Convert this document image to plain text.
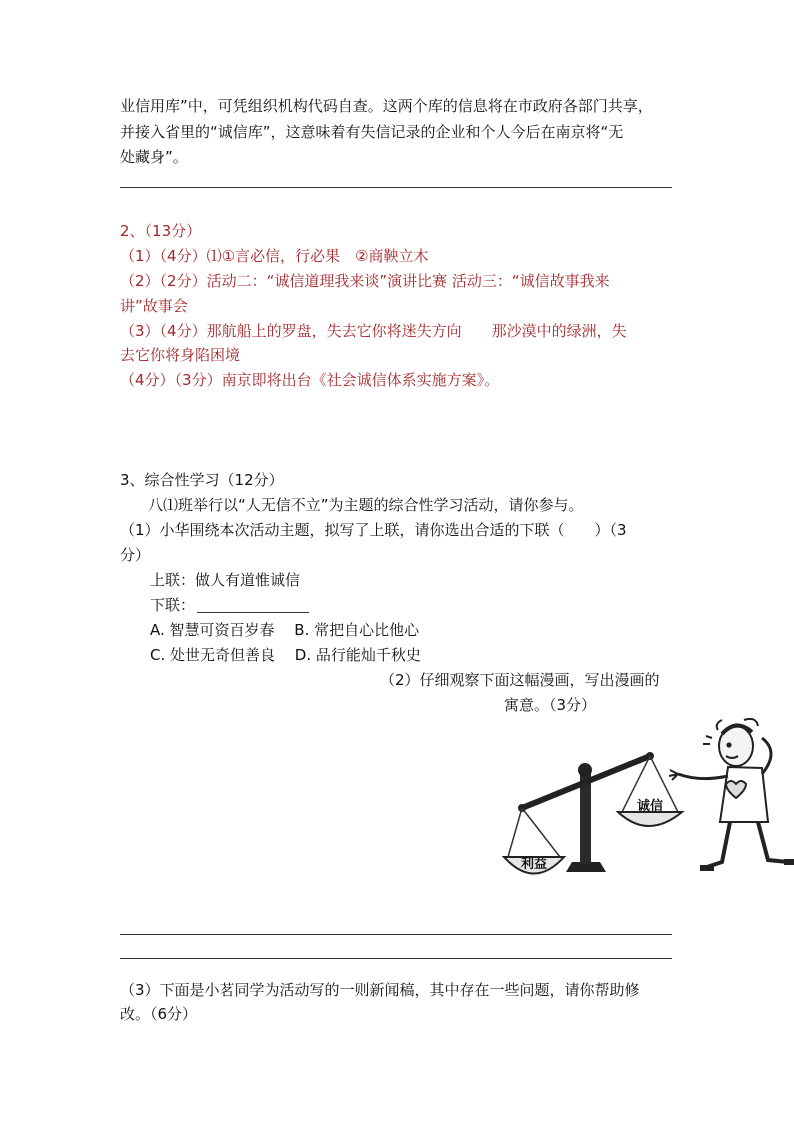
业信用库”中，可凭组织机构代码自查。这两个库的信息将在市政府各部门共享，
并接入省里的“诚信库”，这意味着有失信记录的企业和个人今后在南京将“无
处藏身”。
2、（13分）
（1）（4分）⑴①言必信，行必果　②商鞅立木
（2）（2分）活动二：“诚信道理我来谈”演讲比赛 活动三：“诚信故事我来
讲”故事会
（3）（4分）那航船上的罗盘，失去它你将迷失方向　　那沙漠中的绿洲，失
去它你将身陷困境
（4分）（3分）南京即将出台《社会诚信体系实施方案》。
3、综合性学习（12分）
八⑴班举行以“人无信不立”为主题的综合性学习活动，请你参与。
（1）小华围绕本次活动主题，拟写了上联，请你选出合适的下联（　　）（3
分）
上联：做人有道惟诚信
下联：
A. 智慧可资百岁春　 B. 常把自心比他心
C. 处世无奇但善良　 D. 品行能灿千秋史
（2）仔细观察下面这幅漫画，写出漫画的
寓意。（3分）
利益
诚信
（3）下面是小茗同学为活动写的一则新闻稿，其中存在一些问题，请你帮助修
改。（6分）
